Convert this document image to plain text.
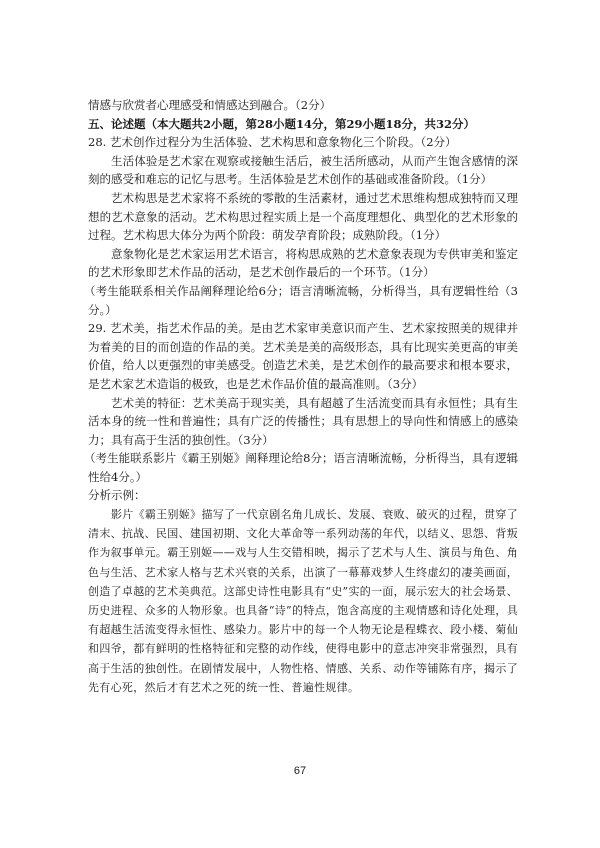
情感与欣赏者心理感受和情感达到融合。（2分）

五、论述题（本大题共2小题，第28小题14分，第29小题18分，共32分）

28. 艺术创作过程分为生活体验、艺术构思和意象物化三个阶段。（2分）

生活体验是艺术家在观察或接触生活后，被生活所感动，从而产生饱含感情的深刻的感受和难忘的记忆与思考。生活体验是艺术创作的基础或准备阶段。（1分）

艺术构思是艺术家将不系统的零散的生活素材，通过艺术思维构想成独特而又理想的艺术意象的活动。艺术构思过程实质上是一个高度理想化、典型化的艺术形象的过程。艺术构思大体分为两个阶段：萌发孕育阶段；成熟阶段。（1分）

意象物化是艺术家运用艺术语言，将构思成熟的艺术意象表现为专供审美和鉴定的艺术形象即艺术作品的活动，是艺术创作最后的一个环节。（1分）

（考生能联系相关作品阐释理论给6分；语言清晰流畅，分析得当，具有逻辑性给（3分。）

29. 艺术美，指艺术作品的美。是由艺术家审美意识而产生、艺术家按照美的规律并为着美的目的而创造的作品的美。艺术美是美的高级形态，具有比现实美更高的审美价值，给人以更强烈的审美感受。创造艺术美，是艺术创作的最高要求和根本要求，是艺术家艺术造诣的极致，也是艺术作品价值的最高准则。（3分）

艺术美的特征：艺术美高于现实美，具有超越了生活流变而具有永恒性；具有生活本身的统一性和普遍性；具有广泛的传播性；具有思想上的导向性和情感上的感染力；具有高于生活的独创性。（3分）

（考生能联系影片《霸王别姬》阐释理论给8分；语言清晰流畅，分析得当，具有逻辑性给4分。）

分析示例：

影片《霸王别姬》描写了一代京剧名角儿成长、发展、衰败、破灭的过程，贯穿了清末、抗战、民国、建国初期、文化大革命等一系列动荡的年代，以结义、思怨、背叛作为叙事单元。霸王别姬——戏与人生交错相映，揭示了艺术与人生、演员与角色、角色与生活、艺术家人格与艺术兴衰的关系，出演了一幕幕戏梦人生终虚幻的凄美画面，创造了卓越的艺术美典范。这部史诗性电影具有“史”实的一面，展示宏大的社会场景、历史进程、众多的人物形象。也具备“诗”的特点，饱含高度的主观情感和诗化处理，具有超越生活流变得永恒性、感染力。影片中的每一个人物无论是程蝶衣、段小楼、菊仙和四爷，都有鲜明的性格特征和完整的动作线，使得电影中的意志冲突非常强烈，具有高于生活的独创性。在剧情发展中，人物性格、情感、关系、动作等铺陈有序，揭示了先有心死，然后才有艺术之死的统一性、普遍性规律。

67
